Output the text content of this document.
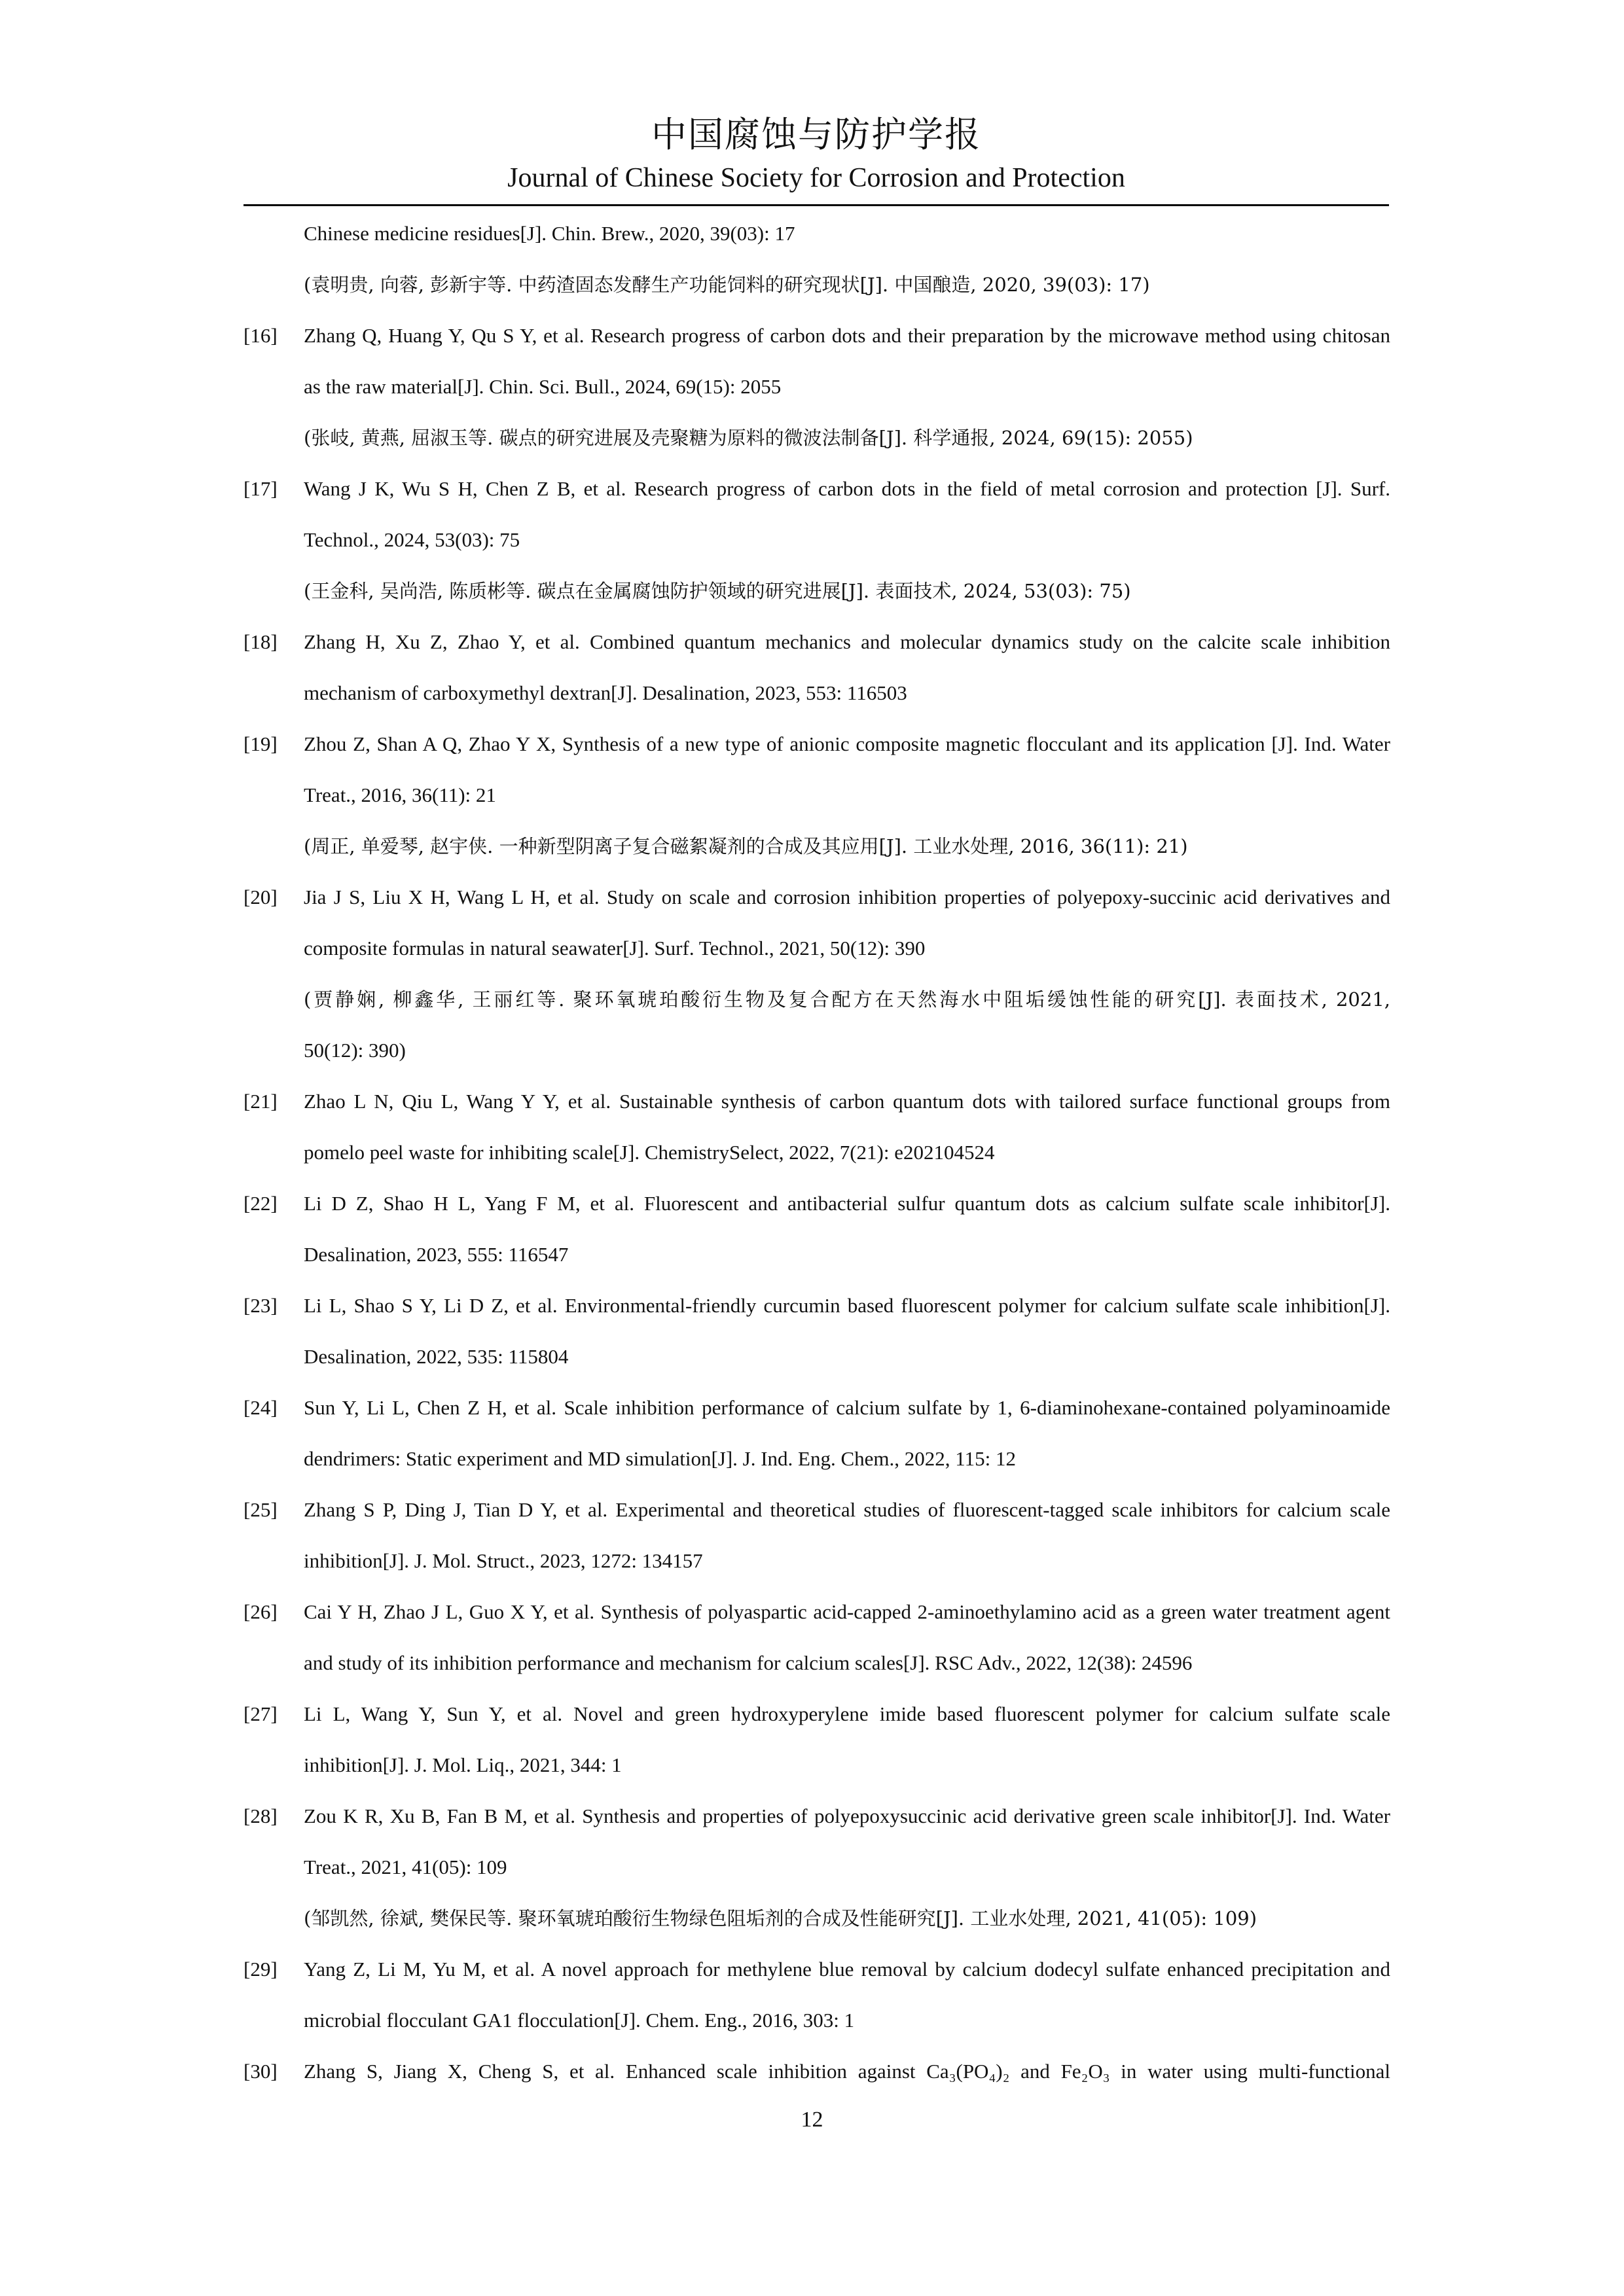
中国腐蚀与防护学报
Journal of Chinese Society for Corrosion and Protection
Chinese medicine residues[J]. Chin. Brew., 2020, 39(03): 17
(袁明贵, 向蓉, 彭新宇等. 中药渣固态发酵生产功能饲料的研究现状[J]. 中国酿造, 2020, 39(03): 17)
[16]	Zhang Q, Huang Y, Qu S Y, et al. Research progress of carbon dots and their preparation by the microwave method using chitosan
as the raw material[J]. Chin. Sci. Bull., 2024, 69(15): 2055
(张岐, 黄燕, 屈淑玉等. 碳点的研究进展及壳聚糖为原料的微波法制备[J]. 科学通报, 2024, 69(15): 2055)
[17]	Wang J K, Wu S H, Chen Z B, et al. Research progress of carbon dots in the field of metal corrosion and protection [J]. Surf.
Technol., 2024, 53(03): 75
(王金科, 吴尚浩, 陈质彬等. 碳点在金属腐蚀防护领域的研究进展[J]. 表面技术, 2024, 53(03): 75)
[18]	Zhang H, Xu Z, Zhao Y, et al. Combined quantum mechanics and molecular dynamics study on the calcite scale inhibition
mechanism of carboxymethyl dextran[J]. Desalination, 2023, 553: 116503
[19]	Zhou Z, Shan A Q, Zhao Y X, Synthesis of a new type of anionic composite magnetic flocculant and its application [J]. Ind. Water
Treat., 2016, 36(11): 21
(周正, 单爱琴, 赵宇侠. 一种新型阴离子复合磁絮凝剂的合成及其应用[J]. 工业水处理, 2016, 36(11): 21)
[20]	Jia J S, Liu X H, Wang L H, et al. Study on scale and corrosion inhibition properties of polyepoxy-succinic acid derivatives and
composite formulas in natural seawater[J]. Surf. Technol., 2021, 50(12): 390
(贾静娴, 柳鑫华, 王丽红等. 聚环氧琥珀酸衍生物及复合配方在天然海水中阻垢缓蚀性能的研究[J]. 表面技术, 2021,
50(12): 390)
[21]	Zhao L N, Qiu L, Wang Y Y, et al. Sustainable synthesis of carbon quantum dots with tailored surface functional groups from
pomelo peel waste for inhibiting scale[J]. ChemistrySelect, 2022, 7(21): e202104524
[22]	Li D Z, Shao H L, Yang F M, et al. Fluorescent and antibacterial sulfur quantum dots as calcium sulfate scale inhibitor[J].
Desalination, 2023, 555: 116547
[23]	Li L, Shao S Y, Li D Z, et al. Environmental-friendly curcumin based fluorescent polymer for calcium sulfate scale inhibition[J].
Desalination, 2022, 535: 115804
[24]	Sun Y, Li L, Chen Z H, et al. Scale inhibition performance of calcium sulfate by 1, 6-diaminohexane-contained polyaminoamide
dendrimers: Static experiment and MD simulation[J]. J. Ind. Eng. Chem., 2022, 115: 12
[25]	Zhang S P, Ding J, Tian D Y, et al. Experimental and theoretical studies of fluorescent-tagged scale inhibitors for calcium scale
inhibition[J]. J. Mol. Struct., 2023, 1272: 134157
[26]	Cai Y H, Zhao J L, Guo X Y, et al. Synthesis of polyaspartic acid-capped 2-aminoethylamino acid as a green water treatment agent
and study of its inhibition performance and mechanism for calcium scales[J]. RSC Adv., 2022, 12(38): 24596
[27]	Li L, Wang Y, Sun Y, et al. Novel and green hydroxyperylene imide based fluorescent polymer for calcium sulfate scale
inhibition[J]. J. Mol. Liq., 2021, 344: 1
[28]	Zou K R, Xu B, Fan B M, et al. Synthesis and properties of polyepoxysuccinic acid derivative green scale inhibitor[J]. Ind. Water
Treat., 2021, 41(05): 109
(邹凯然, 徐斌, 樊保民等. 聚环氧琥珀酸衍生物绿色阻垢剂的合成及性能研究[J]. 工业水处理, 2021, 41(05): 109)
[29]	Yang Z, Li M, Yu M, et al. A novel approach for methylene blue removal by calcium dodecyl sulfate enhanced precipitation and
microbial flocculant GA1 flocculation[J]. Chem. Eng., 2016, 303: 1
[30]	Zhang S, Jiang X, Cheng S, et al. Enhanced scale inhibition against Ca₃(PO₄)₂ and Fe₂O₃ in water using multi-functional
12
